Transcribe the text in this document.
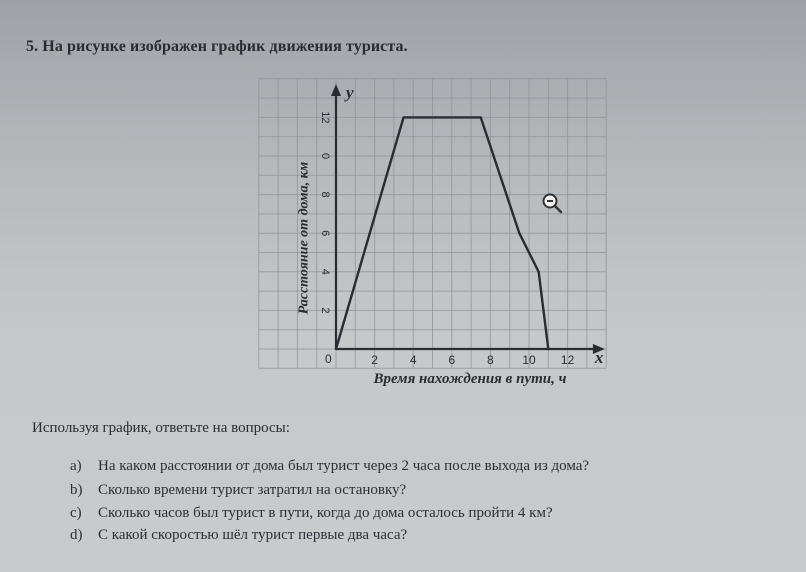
5. На рисунке изображен график движения туриста.
2	4	6	8 10 12
2
4
6
8
0
12
0	x
y
Время нахождения в пути, ч
Расстояние от дома, км
Используя график, ответьте на вопросы:
a) На каком расстоянии от дома был турист через 2 часа после выхода из дома?
b) Сколько времени турист затратил на остановку?
c) Сколько часов был турист в пути, когда до дома осталось пройти 4 км?
d) С какой скоростью шёл турист первые два часа?
